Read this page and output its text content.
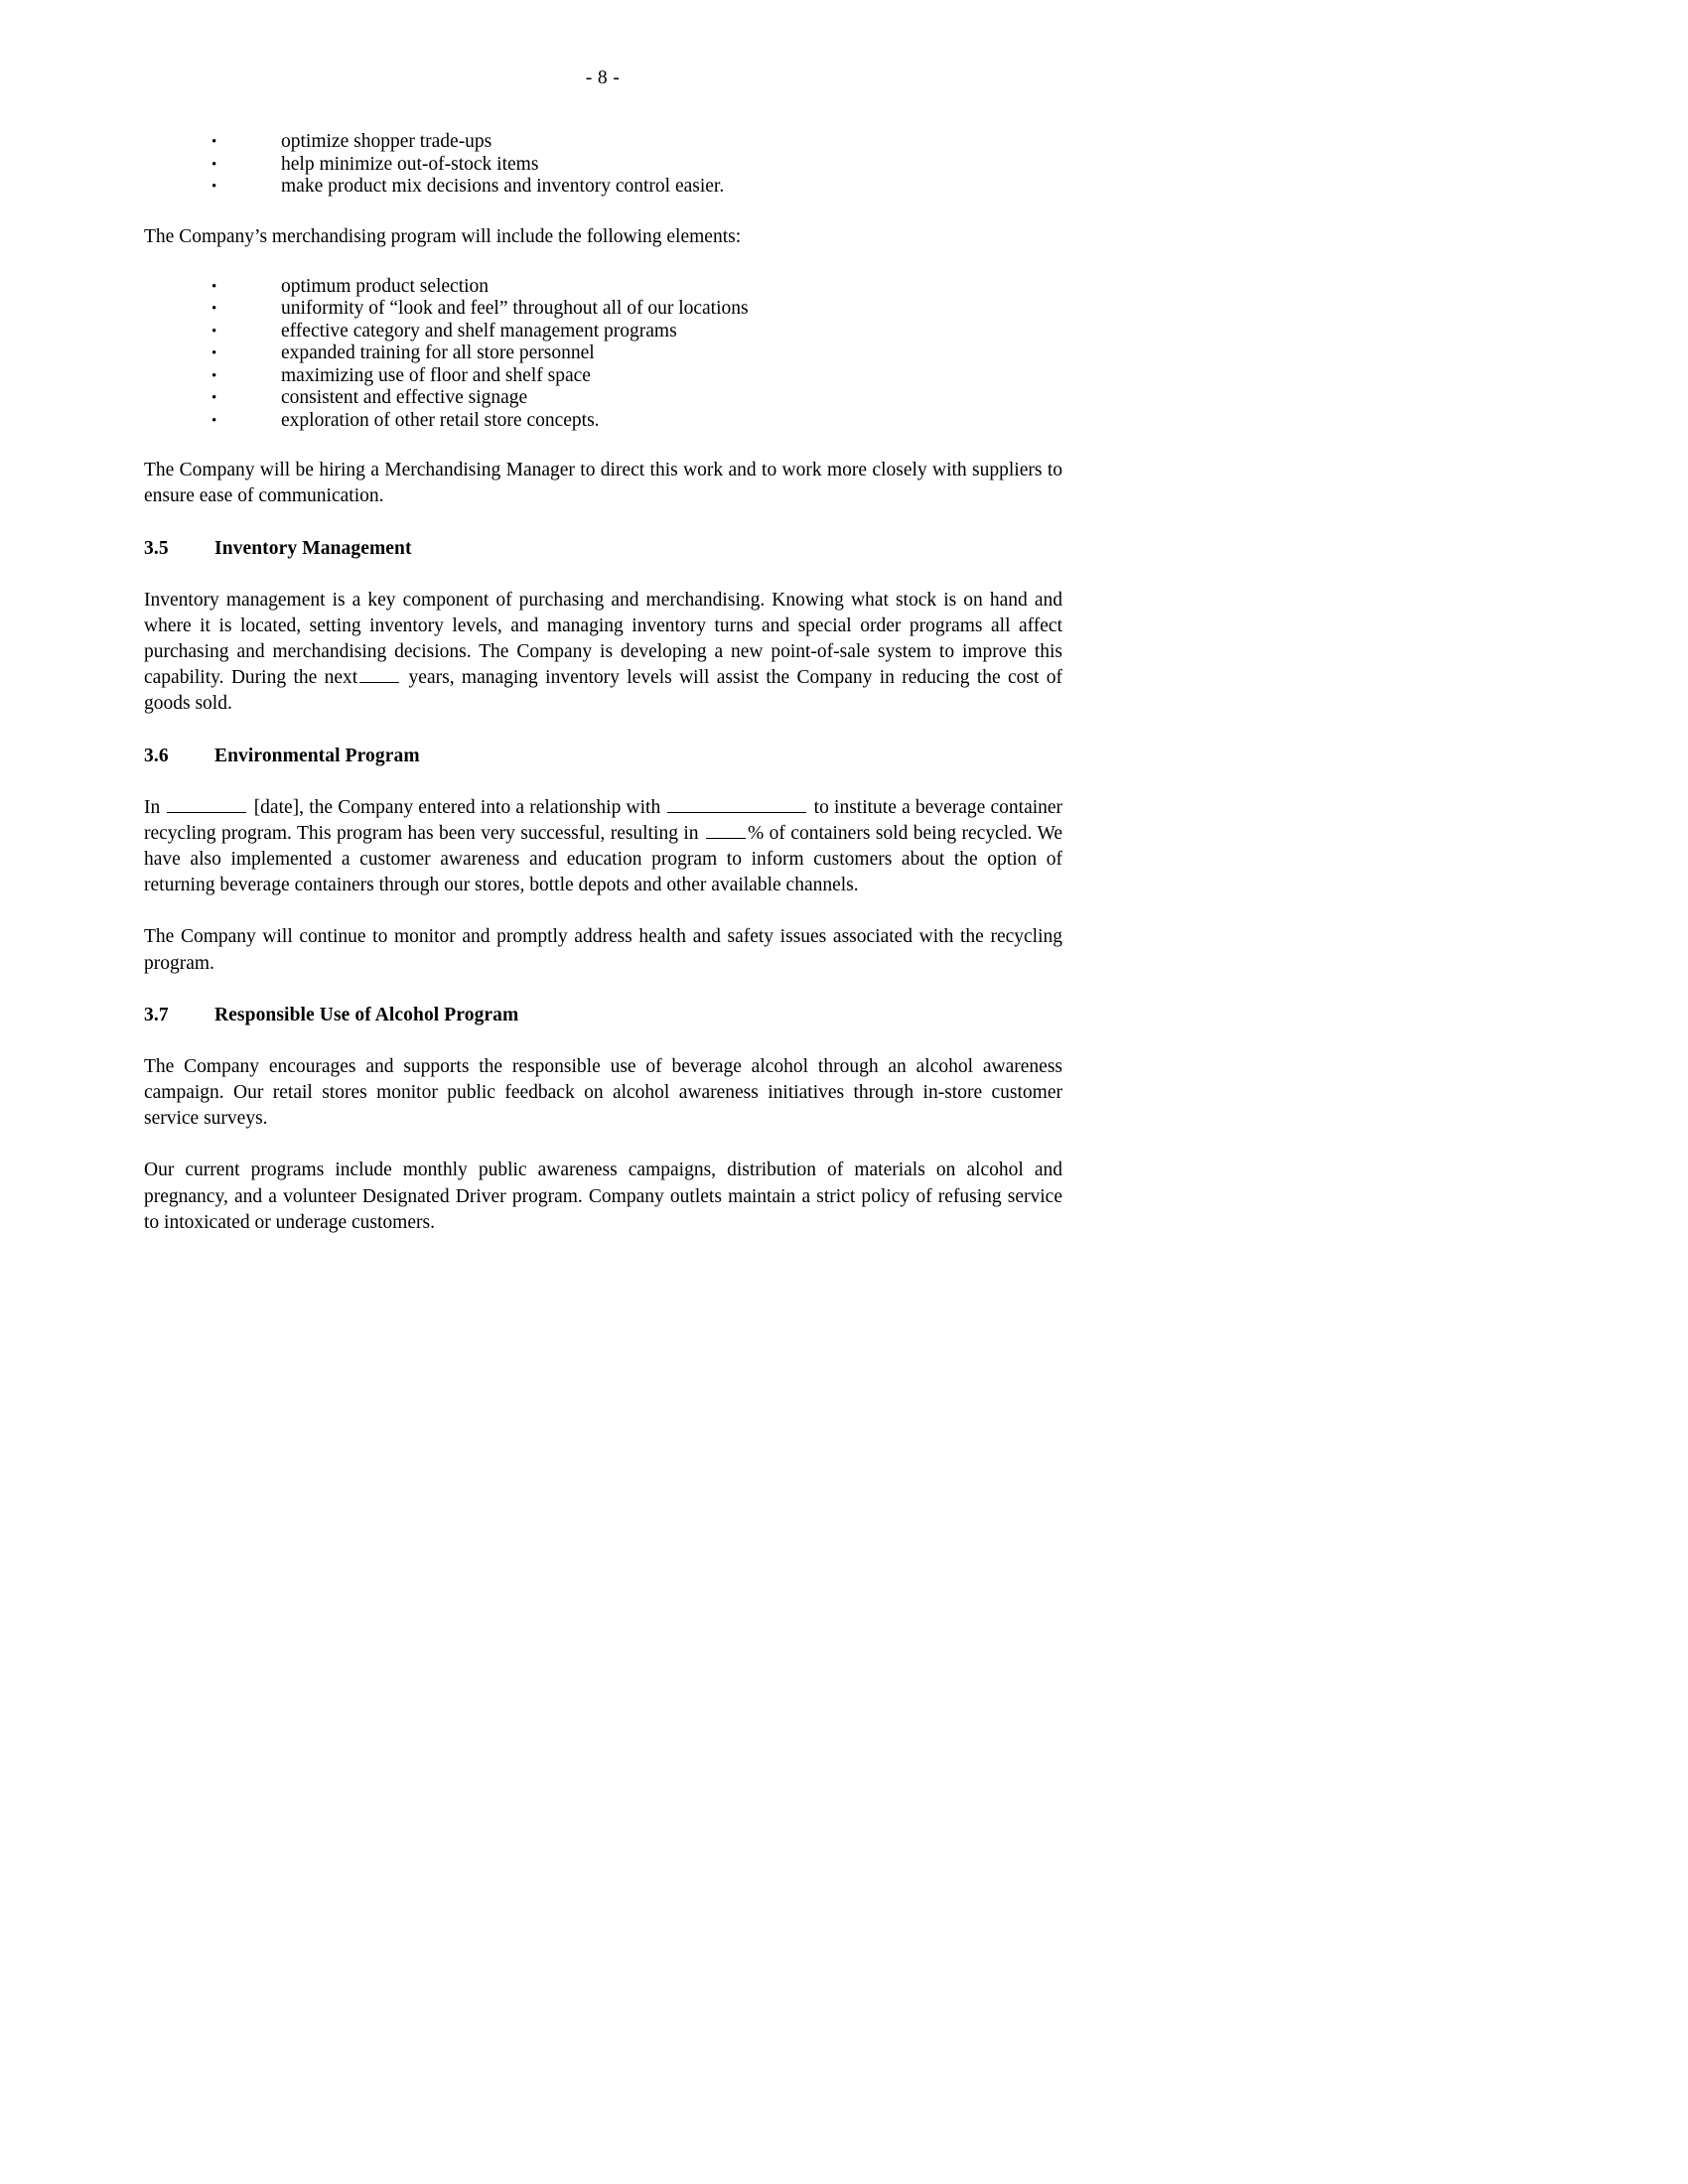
- 8 -
•	optimize shopper trade-ups
•	help minimize out-of-stock items
•	make product mix decisions and inventory control easier.

The Company’s merchandising program will include the following elements:

•	optimum product selection
•	uniformity of “look and feel” throughout all of our locations
•	effective category and shelf management programs
•	expanded training for all store personnel
•	maximizing use of floor and shelf space
•	consistent and effective signage
•	exploration of other retail store concepts.

The Company will be hiring a Merchandising Manager to direct this work and to work more closely with suppliers to ensure ease of communication.

3.5 Inventory Management

Inventory management is a key component of purchasing and merchandising. Knowing what stock is on hand and where it is located, setting inventory levels, and managing inventory turns and special order programs all affect purchasing and merchandising decisions. The Company is developing a new point-of-sale system to improve this capability. During the next	years, managing inventory levels will assist the Company in reducing the cost of goods sold.

3.6 Environmental Program

In	[date], the Company entered into a relationship with	to institute a beverage container recycling program. This program has been very successful, resulting in	% of containers sold being recycled. We have also implemented a customer awareness and education program to inform customers about the option of returning beverage containers through our stores, bottle depots and other available channels.

The Company will continue to monitor and promptly address health and safety issues associated with the recycling program.

3.7 Responsible Use of Alcohol Program

The Company encourages and supports the responsible use of beverage alcohol through an alcohol awareness campaign. Our retail stores monitor public feedback on alcohol awareness initiatives through in-store customer service surveys.

Our current programs include monthly public awareness campaigns, distribution of materials on alcohol and pregnancy, and a volunteer Designated Driver program. Company outlets maintain a strict policy of refusing service to intoxicated or underage customers.
